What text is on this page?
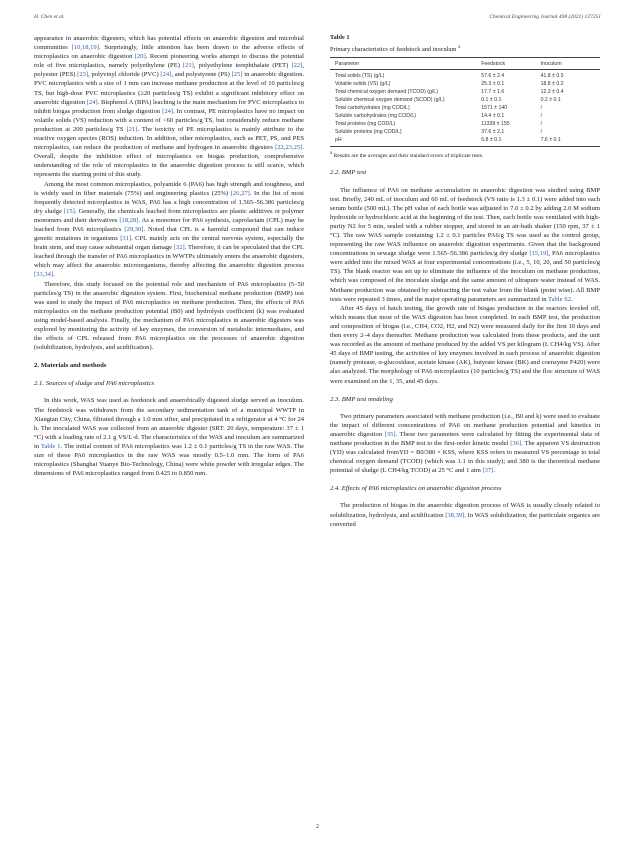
H. Chen et al.	Chemical Engineering Journal 408 (2021) 127251

appearance in anaerobic digesters, which has potential effects on anaerobic digestion and microbial communities [10,18,19]. Surprisingly, little attention has been drawn to the adverse effects of microplastics on anaerobic digestion [20]. Recent pioneering works attempt to discuss the potential role of five microplastics, namely polyethylene (PE) [21], polyethylene terephthalate (PET) [22], polyester (PES) [23], polyvinyl chloride (PVC) [24], and polystyrene (PS) [25] in anaerobic digestion. PVC microplastics with a size of 1 mm can increase methane production at the level of 10 particles/g TS, but high-dose PVC microplastics (≥20 particles/g TS) exhibit a significant inhibitory effect on anaerobic digestion [24]. Bisphenol A (BPA) leaching is the main mechanism for PVC microplastics to inhibit biogas production from sludge digestion [24]. In contrast, PE microplastics have no impact on volatile solids (VS) reduction with a content of <60 particles/g TS, but considerably reduce methane production at 200 particles/g TS [21]. The toxicity of PE microplastics is mainly attribute to the reactive oxygen species (ROS) induction. In addition, other microplastics, such as PET, PS, and PES microplastics, can reduce the production of methane and hydrogen in anaerobic digesters [22,23,25]. Overall, despite the inhibition effect of microplastics on biogas production, comprehensive understanding of the role of microplastics in the anaerobic digestion process is still scarce, which represents the starting point of this study.

Among the most common microplastics, polyamide 6 (PA6) has high strength and toughness, and is widely used in fiber materials (75%) and engineering plastics (25%) [26,27]. In the list of most frequently detected microplastics in WAS, PA6 has a high concentration of 1.565–56.386 particles/g dry sludge [15]. Generally, the chemicals leached from microplastics are plastic additives or polymer monomers and their derivatives [18,28]. As a monomer for PA6 synthesis, caprolactam (CPL) may be leached from PA6 microplastics [29,30]. Noted that CPL is a harmful compound that can induce genetic mutations in organisms [31]. CPL mainly acts on the central nervous system, especially the brain stem, and may cause substantial organ damage [32]. Therefore, it can be speculated that the CPL leached through the transfer of PA6 microplastics in WWTPs ultimately enters the anaerobic digesters, which may affect the anaerobic microorganisms, thereby affecting the anaerobic digestion process [33,34].

Therefore, this study focused on the potential role and mechanism of PA6 microplastics (5–50 particles/g TS) in the anaerobic digestion system. First, biochemical methane production (BMP) test was used to study the impact of PA6 microplastics on methane production. Then, the effects of PA6 microplastics on the methane production potential (B0) and hydrolysis coefficient (k) was evaluated using model-based analysis. Finally, the mechanism of PA6 microplastics in anaerobic digesters was explored by monitoring the activity of key enzymes, the conversion of metabolic intermediates, and the effects of CPL released from PA6 microplastics on the processes of anaerobic digestion (solubilization, hydrolysis, and acidification).

2. Materials and methods
2.1. Sources of sludge and PA6 microplastics

In this work, WAS was used as feedstock and anaerobically digested sludge served as inoculum. The feedstock was withdrawn from the secondary sedimentation tank of a municipal WWTP in Xiangtan City, China, filtrated through a 1.0 mm sifter, and precipitated in a refrigerator at 4 °C for 24 h. The inoculated WAS was collected from an anaerobic digester (SRT: 20 days, temperature: 37 ± 1 °C) with a loading rate of 2.1 g VS/L·d. The characteristics of the WAS and inoculum are summarized in Table 1. The initial content of PA6 microplastics was 1.2 ± 0.1 particles/g TS in the raw WAS. The size of these PA6 microplastics in the raw WAS was mostly 0.5–1.0 mm. The form of PA6 microplastics (Shanghai Yuanye Bio-Technology, China) were white powder with irregular edges. The dimensions of PA6 microplastics ranged from 0.425 to 0.850 mm.

Table 1
Primary characteristics of feedstock and inoculum $^a$
Parameter	Feedstock	Inoculum
Total solids (TS) (g/L)	57.6 ± 2.4	41.8 ± 0.5
Volatile solids (VS) (g/L)	25.3 ± 0.1	18.8 ± 0.2
Total chemical oxygen demand (TCOD) (g/L)	17.7 ± 1.6	12.3 ± 0.4
Soluble chemical oxygen demand (SCOD) (g/L)	0.1 ± 0.1	0.2 ± 0.1
Total carbohydrates (mg COD/L)	1571 ± 140	/
Soluble carbohydrates (mg COD/L)	14.4 ± 0.1	/
Total proteins (mg COD/L)	11339 ± 155	/
Soluble proteins (mg COD/L)	37.6 ± 2.1	/
pH	6.8 ± 0.1	7.6 ± 0.1
$^a$ Results are the averages and their standard errors of triplicate tests.
2.2. BMP test

The influence of PA6 on methane accumulation in anaerobic digestion was studied using BMP test. Briefly, 240 mL of inoculum and 60 mL of feedstock (VS ratio is 1.3 ± 0.1) were added into each serum bottle (500 mL). The pH value of each bottle was adjusted to 7.0 ± 0.2 by adding 2.0 M sodium hydroxide or hydrochloric acid at the beginning of the test. Then, each bottle was ventilated with high-purity N2 for 5 min, sealed with a rubber stopper, and stored in an air-bath shaker (150 rpm, 37 ± 1 °C). The raw WAS sample containing 1.2 ± 0.1 particles PA6/g TS was used as the control group, representing the raw WAS influence on anaerobic digestion experiments. Given that the background concentrations in sewage sludge were 1.565–56.386 particles/g dry sludge [15,19], PA6 microplastics were added into the mixed WAS at four experimental concentrations (i.e., 5, 10, 20, and 50 particles/g TS). The blank reactor was set up to eliminate the influence of the inoculum on methane production, which was composed of the inoculate sludge and the same amount of ultrapure water instead of WAS. Methane production was obtained by subtracting the test value from the blank (point wise). All BMP tests were repeated 3 times, and the major operating parameters are summarized in Table S2.

After 45 days of batch testing, the growth rate of biogas production in the reactors leveled off, which means that most of the WAS digestion has been completed. In each BMP test, the production and composition of biogas (i.e., CH4, CO2, H2, and N2) were measured daily for the first 10 days and then every 2–4 days thereafter. Methane production was calculated from these products, and the unit was recorded as the amount of methane produced by the added VS per kilogram (L CH4/kg VS). After 45 days of BMP testing, the activities of key enzymes involved in each process of anaerobic digestion (namely protease, α-glucosidase, acetate kinase (AK), butyrate kinase (BK) and coenzyme F420) were also analyzed. The morphology of PA6 microplastics (10 particles/g TS) and the floc structure of WAS were examined on the 1, 35, and 45 days.

2.3. BMP test modeling

Two primary parameters associated with methane production (i.e., B0 and k) were used to evaluate the impact of different concentrations of PA6 on methane production potential and kinetics in anaerobic digestion [35]. These two parameters were calculated by fitting the experimental data of methane production in the BMP test to the first-order kinetic model [36]. The apparent VS destruction (YD) was calculated fromYD = B0/380 × KSS, where KSS refers to measured VS percentage to total chemical oxygen demand (TCOD) (which was 1.1 in this study); and 380 is the theoretical methane potential of sludge (L CH4/kg TCOD) at 25 °C and 1 atm [37].

2.4. Effects of PA6 microplastics on anaerobic digestion process

The production of biogas in the anaerobic digestion process of WAS is usually closely related to solubilization, hydrolysis, and acidification [38,39]. In WAS solubilization, the particulate organics are converted

2
